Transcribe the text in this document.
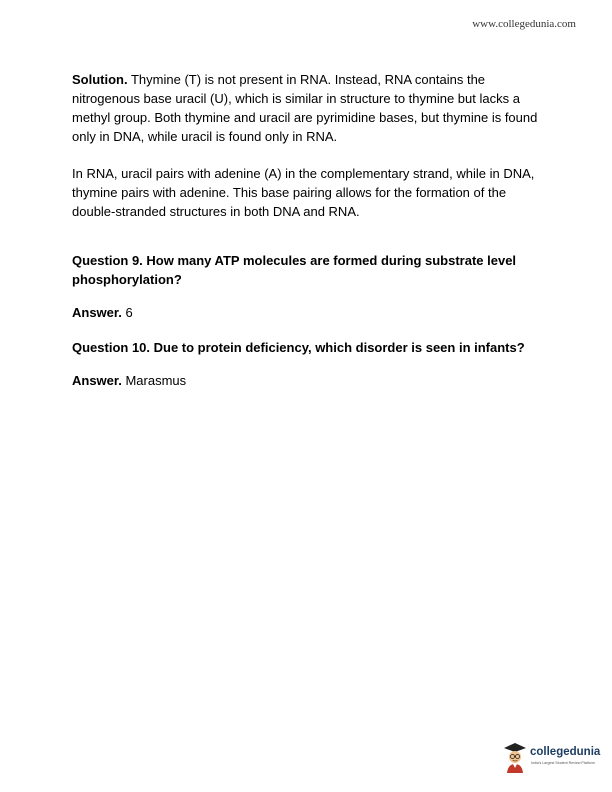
www.collegedunia.com

Solution. Thymine (T) is not present in RNA. Instead, RNA contains the nitrogenous base uracil (U), which is similar in structure to thymine but lacks a methyl group. Both thymine and uracil are pyrimidine bases, but thymine is found only in DNA, while uracil is found only in RNA.

In RNA, uracil pairs with adenine (A) in the complementary strand, while in DNA, thymine pairs with adenine. This base pairing allows for the formation of the double-stranded structures in both DNA and RNA.

Question 9. How many ATP molecules are formed during substrate level phosphorylation?

Answer. 6

Question 10. Due to protein deficiency, which disorder is seen in infants?

Answer. Marasmus

collegedunia
India's Largest Student Review Platform
